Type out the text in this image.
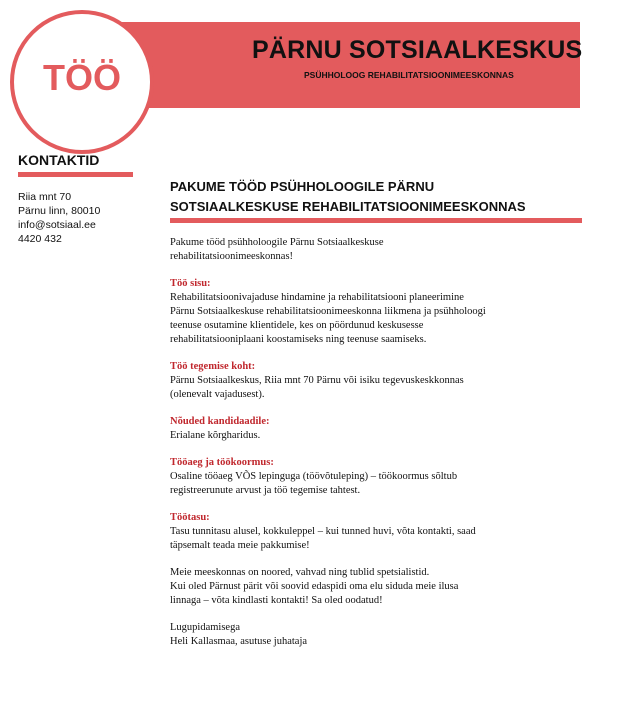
PÄRNU SOTSIAALKESKUS
PSÜHHOLOOG REHABILITATSIOONIMEESKONNAS
TÖÖ
KONTAKTID
Riia mnt 70
Pärnu linn, 80010
info@sotsiaal.ee
4420 432
PAKUME TÖÖD PSÜHHOLOOGILE PÄRNU
SOTSIAALKESKUSE REHABILITATSIOONIMEESKONNAS

Pakume tööd psühholoogile Pärnu Sotsiaalkeskuse

rehabilitatsioonimeeskonnas!

Töö sisu:

Rehabilitatsioonivajaduse hindamine ja rehabilitatsiooni planeerimine

Pärnu Sotsiaalkeskuse rehabilitatsioonimeeskonna liikmena ja psühholoogi

teenuse osutamine klientidele, kes on pöördunud keskusesse

rehabilitatsiooniplaani koostamiseks ning teenuse saamiseks.

Töö tegemise koht:

Pärnu Sotsiaalkeskus, Riia mnt 70 Pärnu või isiku tegevuskeskkonnas

(olenevalt vajadusest).

Nõuded kandidaadile:

Erialane kõrgharidus.

Tööaeg ja töökoormus:

Osaline tööaeg VÕS lepinguga (töövõtuleping) – töökoormus sõltub

registreerunute arvust ja töö tegemise tahtest.

Töötasu:

Tasu tunnitasu alusel, kokkuleppel – kui tunned huvi, võta kontakti, saad

täpsemalt teada meie pakkumise!

Meie meeskonnas on noored, vahvad ning tublid spetsialistid.

Kui oled Pärnust pärit või soovid edaspidi oma elu siduda meie ilusa

linnaga – võta kindlasti kontakti! Sa oled oodatud!

Lugupidamisega

Heli Kallasmaa, asutuse juhataja
